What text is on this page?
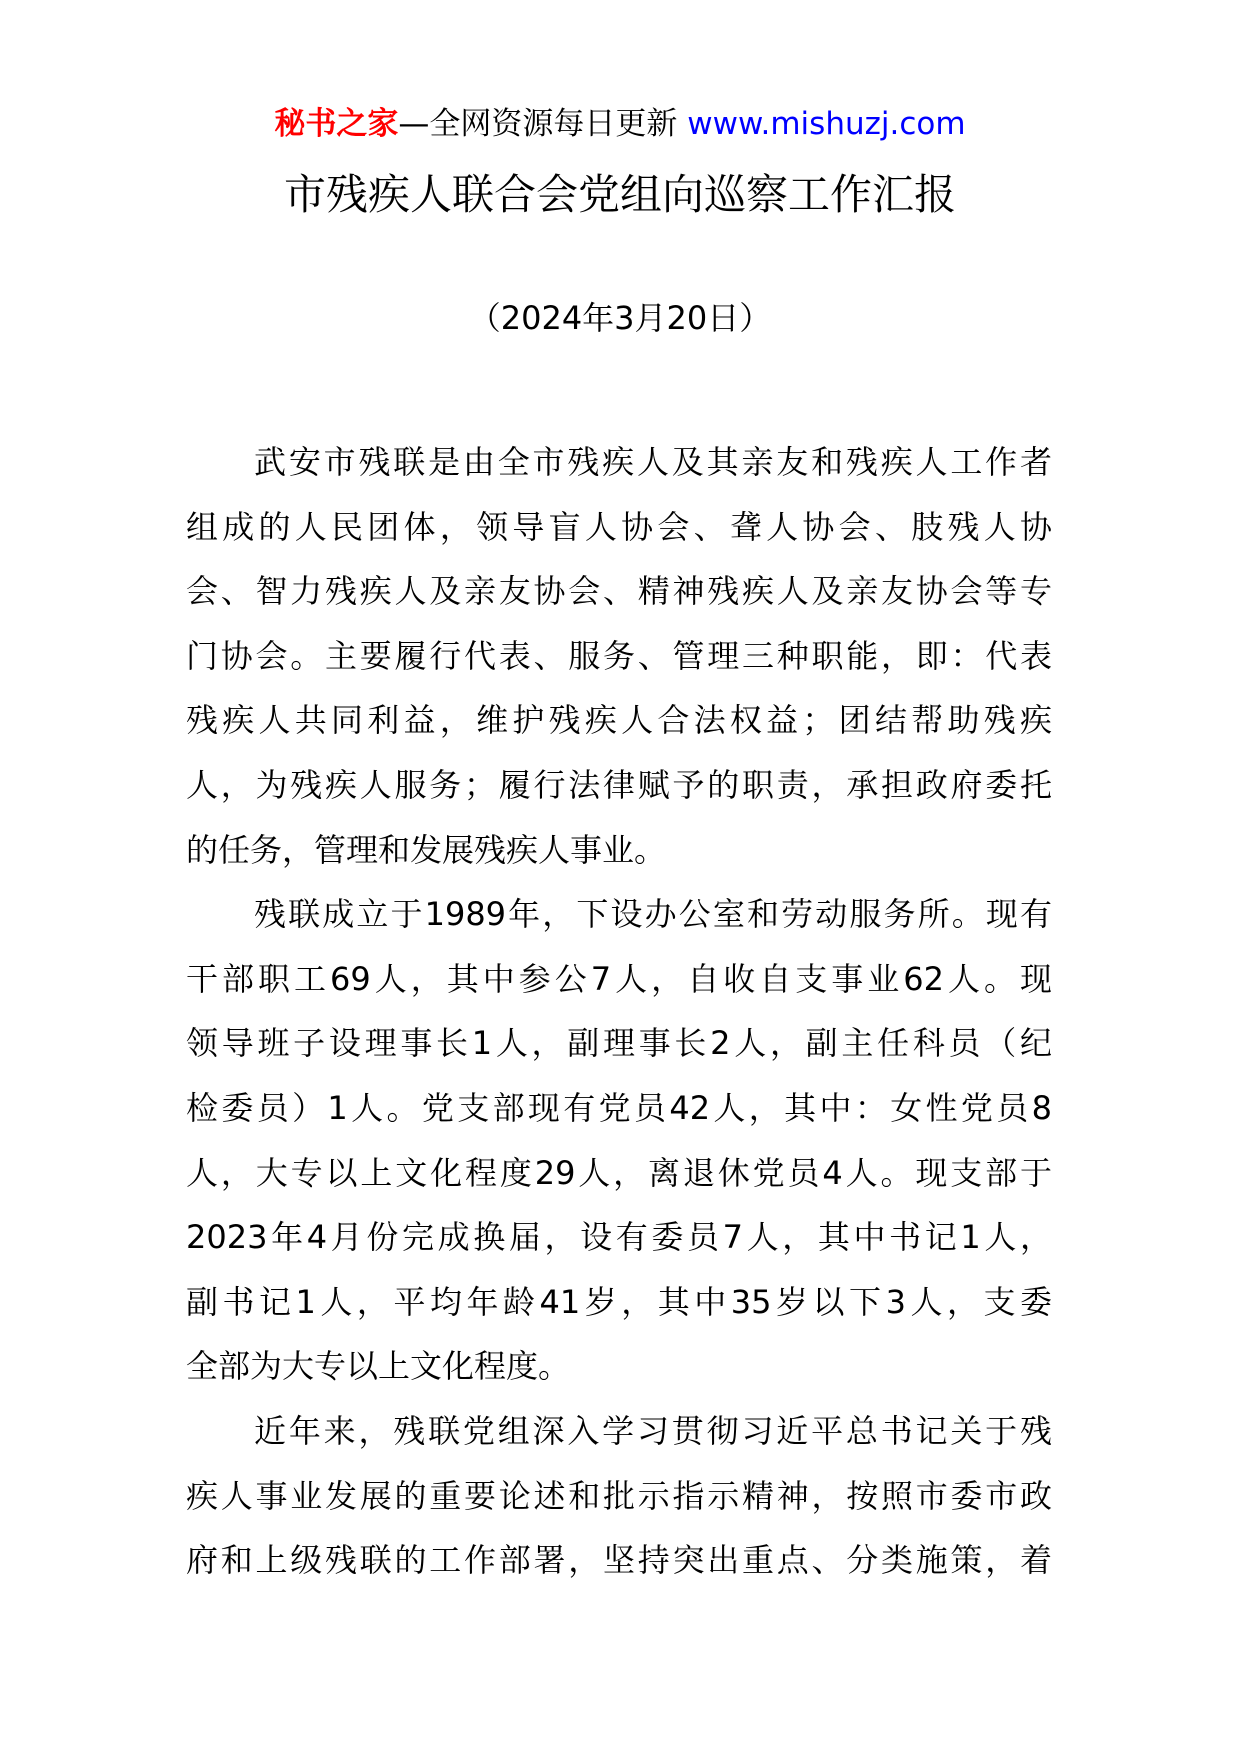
秘书之家—全网资源每日更新 www.mishuzj.com
市残疾人联合会党组向巡察工作汇报
（2024年3月20日）
武安市残联是由全市残疾人及其亲友和残疾人工作者
组成的人民团体，领导盲人协会、聋人协会、肢残人协
会、智力残疾人及亲友协会、精神残疾人及亲友协会等专
门协会。主要履行代表、服务、管理三种职能，即：代表
残疾人共同利益，维护残疾人合法权益；团结帮助残疾
人，为残疾人服务；履行法律赋予的职责，承担政府委托
的任务，管理和发展残疾人事业。
残联成立于1989年，下设办公室和劳动服务所。现有
干部职工69人，其中参公7人，自收自支事业62人。现
领导班子设理事长1人，副理事长2人，副主任科员（纪
检委员）1人。党支部现有党员42人，其中：女性党员8
人，大专以上文化程度29人，离退休党员4人。现支部于
2023年4月份完成换届，设有委员7人，其中书记1人，
副书记1人，平均年龄41岁，其中35岁以下3人，支委
全部为大专以上文化程度。
近年来，残联党组深入学习贯彻习近平总书记关于残
疾人事业发展的重要论述和批示指示精神，按照市委市政
府和上级残联的工作部署，坚持突出重点、分类施策，着
